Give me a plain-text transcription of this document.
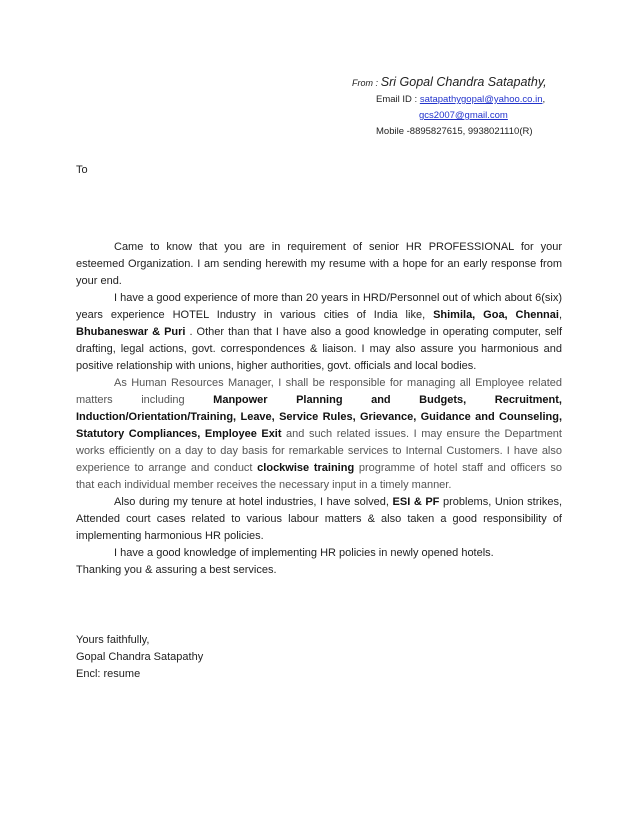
From : Sri Gopal Chandra Satapathy,
Email ID : satapathygopal@yahoo.co.in,
gcs2007@gmail.com
Mobile -8895827615, 9938021110(R)
To

Came to know that you are in requirement of senior HR PROFESSIONAL for your esteemed Organization. I am sending herewith my resume with a hope for an early response from your end.

I have a good experience of more than 20 years in HRD/Personnel out of which about 6(six) years experience HOTEL Industry in various cities of India like, Shimila, Goa, Chennai, Bhubaneswar & Puri . Other than that I have also a good knowledge in operating computer, self drafting, legal actions, govt. correspondences & liaison. I may also assure you harmonious and positive relationship with unions, higher authorities, govt. officials and local bodies.

As Human Resources Manager, I shall be responsible for managing all Employee related matters including Manpower Planning and Budgets, Recruitment, Induction/Orientation/Training, Leave, Service Rules, Grievance, Guidance and Counseling, Statutory Compliances, Employee Exit and such related issues. I may ensure the Department works efficiently on a day to day basis for remarkable services to Internal Customers. I have also experience to arrange and conduct clockwise training programme of hotel staff and officers so that each individual member receives the necessary input in a timely manner.

Also during my tenure at hotel industries, I have solved, ESI & PF problems, Union strikes, Attended court cases related to various labour matters & also taken a good responsibility of implementing harmonious HR policies.

I have a good knowledge of implementing HR policies in newly opened hotels.

Thanking you & assuring a best services.

Yours faithfully,
Gopal Chandra Satapathy
Encl: resume
